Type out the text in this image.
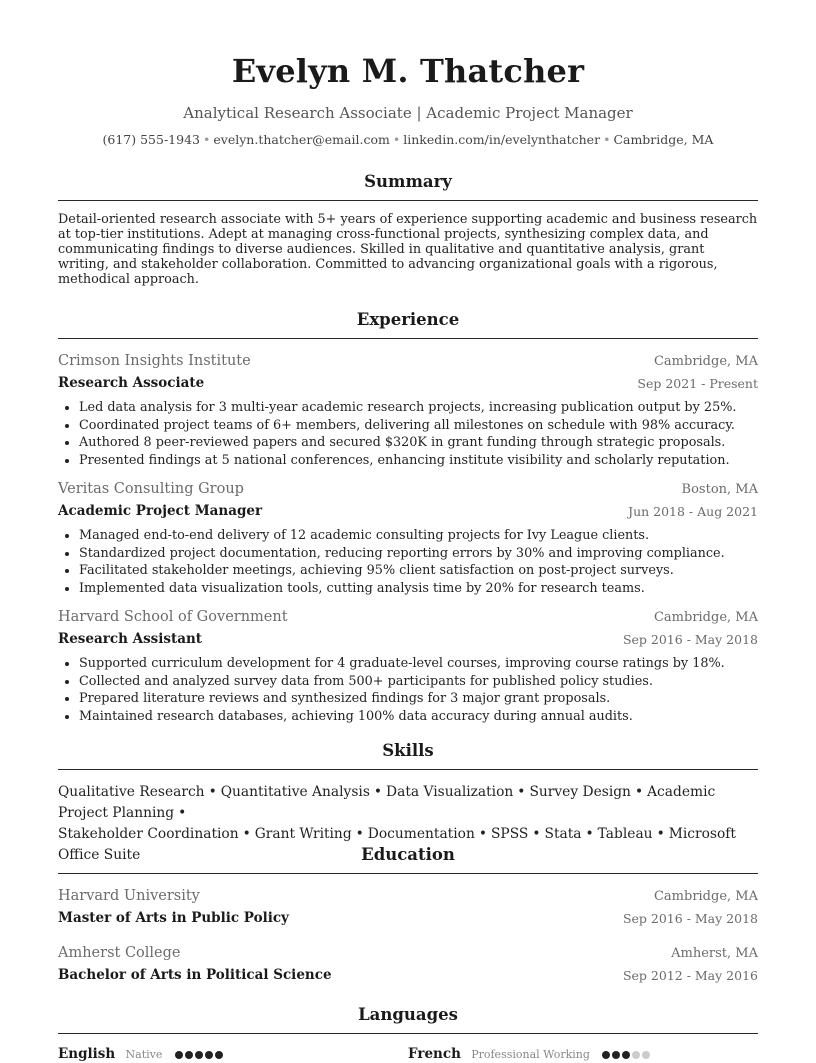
Evelyn M. Thatcher
Analytical Research Associate | Academic Project Manager
(617) 555-1943 • evelyn.thatcher@email.com • linkedin.com/in/evelynthatcher • Cambridge, MA
Summary

Detail-oriented research associate with 5+ years of experience supporting academic and business research at top-tier institutions. Adept at managing cross-functional projects, synthesizing complex data, and communicating findings to diverse audiences. Skilled in qualitative and quantitative analysis, grant writing, and stakeholder collaboration. Committed to advancing organizational goals with a rigorous, methodical approach.

Experience
Crimson Insights Institute	Cambridge, MA
Research Associate	Sep 2021 - Present
• Led data analysis for 3 multi-year academic research projects, increasing publication output by 25%.
• Coordinated project teams of 6+ members, delivering all milestones on schedule with 98% accuracy.
• Authored 8 peer-reviewed papers and secured $320K in grant funding through strategic proposals.
• Presented findings at 5 national conferences, enhancing institute visibility and scholarly reputation.
Veritas Consulting Group	Boston, MA
Academic Project Manager	Jun 2018 - Aug 2021
• Managed end-to-end delivery of 12 academic consulting projects for Ivy League clients.
• Standardized project documentation, reducing reporting errors by 30% and improving compliance.
• Facilitated stakeholder meetings, achieving 95% client satisfaction on post-project surveys.
• Implemented data visualization tools, cutting analysis time by 20% for research teams.
Harvard School of Government	Cambridge, MA
Research Assistant	Sep 2016 - May 2018
• Supported curriculum development for 4 graduate-level courses, improving course ratings by 18%.
• Collected and analyzed survey data from 500+ participants for published policy studies.
• Prepared literature reviews and synthesized findings for 3 major grant proposals.
• Maintained research databases, achieving 100% data accuracy during annual audits.
Skills
Qualitative Research • Quantitative Analysis • Data Visualization • Survey Design • Academic Project Planning •
Stakeholder Coordination • Grant Writing • Documentation • SPSS • Stata • Tableau • Microsoft Office Suite	Education
Harvard University	Cambridge, MA
Master of Arts in Public Policy	Sep 2016 - May 2018
Amherst College	Amherst, MA
Bachelor of Arts in Political Science	Sep 2012 - May 2016
Languages
English Native	French Professional Working
